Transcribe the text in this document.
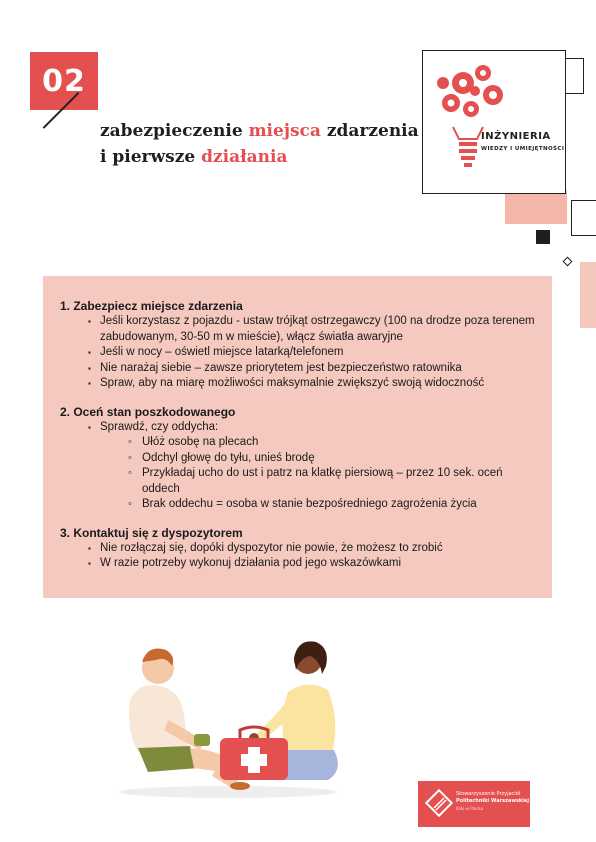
02
zabezpieczenie miejsca zdarzenia
i pierwsze działania
INŻYNIERIA
WIEDZY I UMIEJĘTNOŚCI

1. Zabezpiecz miejsce zdarzenia

▪ Jeśli korzystasz z pojazdu - ustaw trójkąt ostrzegawczy (100 na drodze poza terenem zabudowanym, 30-50 m w mieście), włącz światła awaryjne
▪ Jeśli w nocy – oświetl miejsce latarką/telefonem
▪ Nie narażaj siebie – zawsze priorytetem jest bezpieczeństwo ratownika
▪ Spraw, aby na miarę możliwości maksymalnie zwiększyć swoją widoczność

2. Oceń stan poszkodowanego

▪ Sprawdź, czy oddycha:
◦ Ułóż osobę na plecach
◦ Odchyl głowę do tyłu, unieś brodę
◦ Przykładaj ucho do ust i patrz na klatkę piersiową – przez 10 sek. oceń oddech
◦ Brak oddechu = osoba w stanie bezpośredniego zagrożenia życia

3. Kontaktuj się z dyspozytorem

▪ Nie rozłączaj się, dopóki dyspozytor nie powie, że możesz to zrobić
▪ W razie potrzeby wykonuj działania pod jego wskazówkami
Stowarzyszenie Przyjaciół
Politechniki Warszawskiej
Koło w Płocku
